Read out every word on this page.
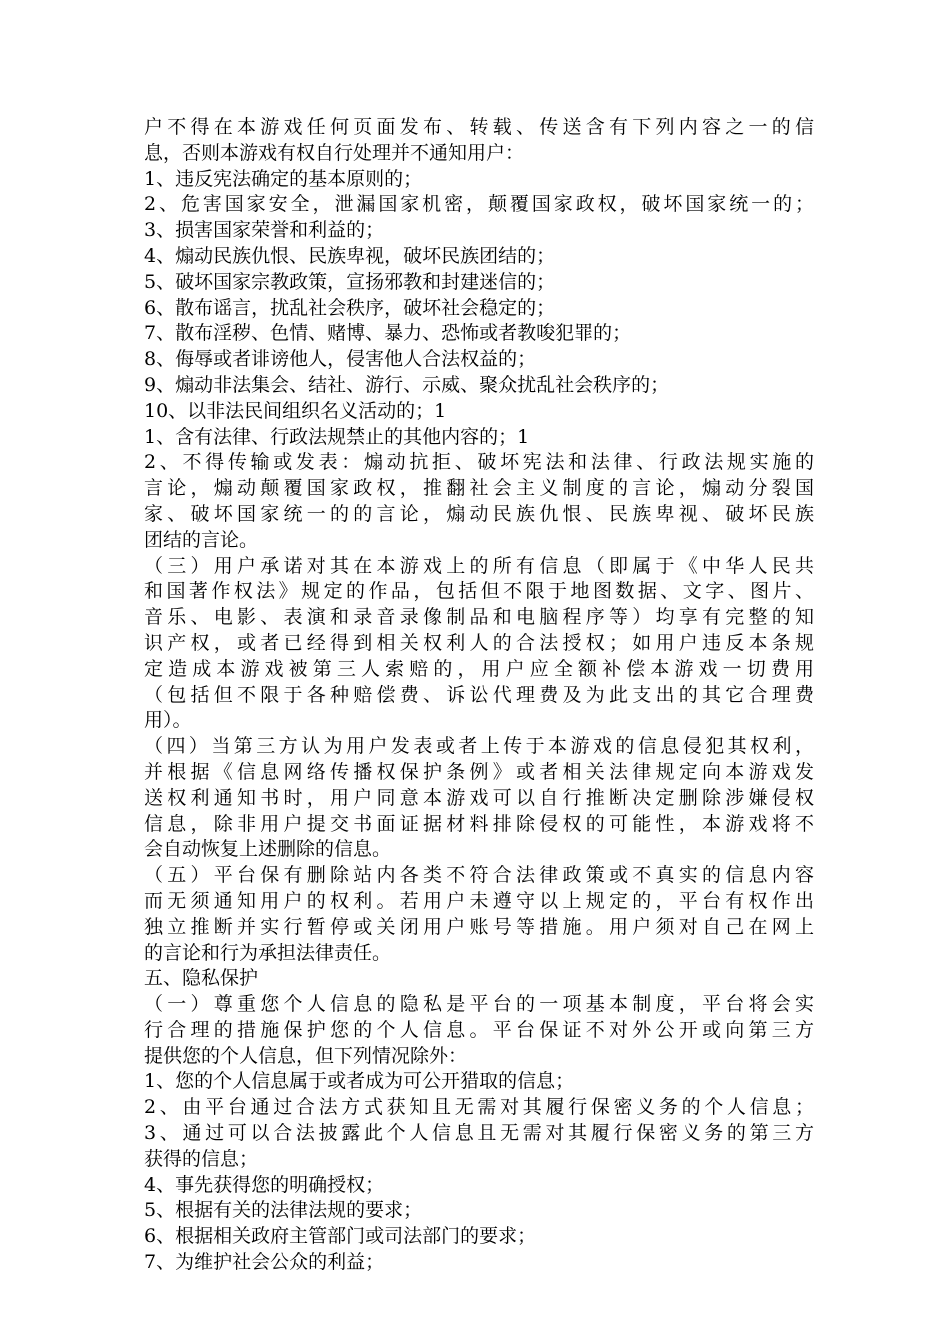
户不得在本游戏任何页面发布、转载、传送含有下列内容之一的信
息，否则本游戏有权自行处理并不通知用户：
1、违反宪法确定的基本原则的；
2、危害国家安全，泄漏国家机密，颠覆国家政权，破坏国家统一的；
3、损害国家荣誉和利益的；
4、煽动民族仇恨、民族卑视，破坏民族团结的；
5、破坏国家宗教政策，宣扬邪教和封建迷信的；
6、散布谣言，扰乱社会秩序，破坏社会稳定的；
7、散布淫秽、色情、赌博、暴力、恐怖或者教唆犯罪的；
8、侮辱或者诽谤他人，侵害他人合法权益的；
9、煽动非法集会、结社、游行、示威、聚众扰乱社会秩序的；
10、以非法民间组织名义活动的；1
1、含有法律、行政法规禁止的其他内容的；1
2、不得传输或发表：煽动抗拒、破坏宪法和法律、行政法规实施的
言论，煽动颠覆国家政权，推翻社会主义制度的言论，煽动分裂国
家、破坏国家统一的的言论，煽动民族仇恨、民族卑视、破坏民族
团结的言论。
（三）用户承诺对其在本游戏上的所有信息（即属于《中华人民共
和国著作权法》规定的作品，包括但不限于地图数据、文字、图片、
音乐、电影、表演和录音录像制品和电脑程序等）均享有完整的知
识产权，或者已经得到相关权利人的合法授权；如用户违反本条规
定造成本游戏被第三人索赔的，用户应全额补偿本游戏一切费用
（包括但不限于各种赔偿费、诉讼代理费及为此支出的其它合理费
用）。
（四）当第三方认为用户发表或者上传于本游戏的信息侵犯其权利，
并根据《信息网络传播权保护条例》或者相关法律规定向本游戏发
送权利通知书时，用户同意本游戏可以自行推断决定删除涉嫌侵权
信息，除非用户提交书面证据材料排除侵权的可能性，本游戏将不
会自动恢复上述删除的信息。
（五）平台保有删除站内各类不符合法律政策或不真实的信息内容
而无须通知用户的权利。若用户未遵守以上规定的，平台有权作出
独立推断并实行暂停或关闭用户账号等措施。用户须对自己在网上
的言论和行为承担法律责任。
五、隐私保护
（一）尊重您个人信息的隐私是平台的一项基本制度，平台将会实
行合理的措施保护您的个人信息。平台保证不对外公开或向第三方
提供您的个人信息，但下列情况除外：
1、您的个人信息属于或者成为可公开猎取的信息；
2、由平台通过合法方式获知且无需对其履行保密义务的个人信息；
3、通过可以合法披露此个人信息且无需对其履行保密义务的第三方
获得的信息；
4、事先获得您的明确授权；
5、根据有关的法律法规的要求；
6、根据相关政府主管部门或司法部门的要求；
7、为维护社会公众的利益；
